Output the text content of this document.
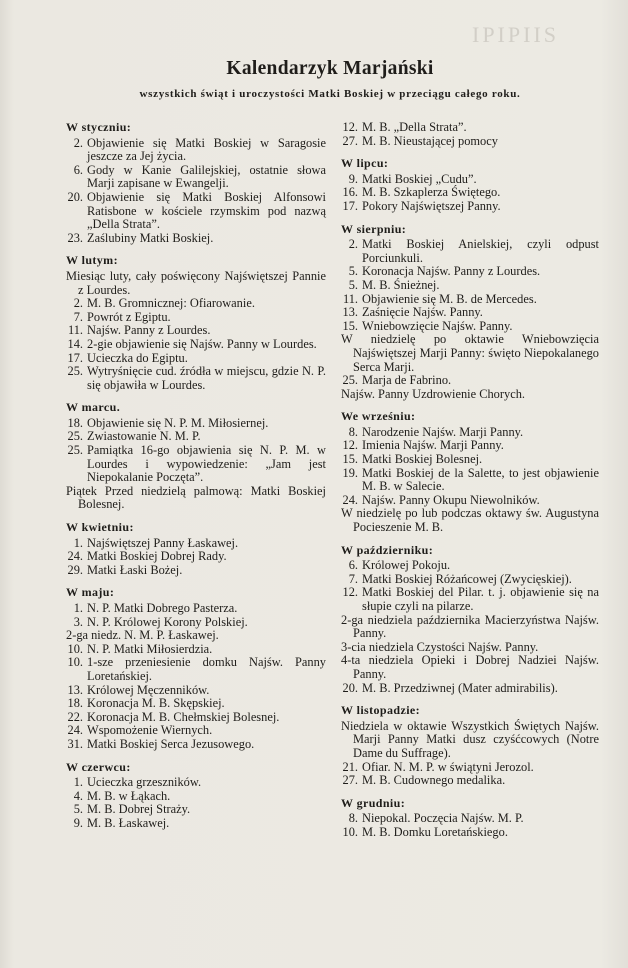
IPIPIIS
Kalendarzyk Marjański
wszystkich świąt i uroczystości Matki Boskiej w przeciągu całego roku.
W styczniu:
2. Objawienie się Matki Boskiej w Saragosie jeszcze za Jej życia.
6. Gody w Kanie Galilejskiej, ostatnie słowa Marji zapisane w Ewangelji.
20. Objawienie się Matki Boskiej Alfonsowi Ratisbone w kościele rzymskim pod nazwą „Della Strata”.
23. Zaślubiny Matki Boskiej.
W lutym:
Miesiąc luty, cały poświęcony Najświętszej Pannie z Lourdes.
2. M. B. Gromnicznej: Ofiarowanie.
7. Powrót z Egiptu.
11. Najśw. Panny z Lourdes.
14. 2-gie objawienie się Najśw. Panny w Lourdes.
17. Ucieczka do Egiptu.
25. Wytryśnięcie cud. źródła w miejscu, gdzie N. P. się objawiła w Lourdes.
W marcu.
18. Objawienie się N. P. M. Miłosiernej.
25. Zwiastowanie N. M. P.
25. Pamiątka 16-go objawienia się N. P. M. w Lourdes i wypowiedzenie: „Jam jest Niepokalanie Poczęta”.
Piątek Przed niedzielą palmową: Matki Boskiej Bolesnej.
W kwietniu:
1. Najświętszej Panny Łaskawej.
24. Matki Boskiej Dobrej Rady.
29. Matki Łaski Bożej.
W maju:
1. N. P. Matki Dobrego Pasterza.
3. N. P. Królowej Korony Polskiej.
2-ga niedz. N. M. P. Łaskawej.
10. N. P. Matki Miłosierdzia.
10. 1-sze przeniesienie domku Najśw. Panny Loretańskiej.
13. Królowej Męczenników.
18. Koronacja M. B. Skępskiej.
22. Koronacja M. B. Chełmskiej Bolesnej.
24. Wspomożenie Wiernych.
31. Matki Boskiej Serca Jezusowego.
W czerwcu:
1. Ucieczka grzeszników.
4. M. B. w Łąkach.
5. M. B. Dobrej Straży.
9. M. B. Łaskawej.
12. M. B. „Della Strata”.
27. M. B. Nieustającej pomocy
W lipcu:
9. Matki Boskiej „Cudu”.
16. M. B. Szkaplerza Świętego.
17. Pokory Najświętszej Panny.
W sierpniu:
2. Matki Boskiej Anielskiej, czyli odpust Porciunkuli.
5. Koronacja Najśw. Panny z Lourdes.
5. M. B. Śnieżnej.
11. Objawienie się M. B. de Mercedes.
13. Zaśnięcie Najśw. Panny.
15. Wniebowzięcie Najśw. Panny.
W niedzielę po oktawie Wniebowzięcia Najświętszej Marji Panny: święto Niepokalanego Serca Marji.
25. Marja de Fabrino.
Najśw. Panny Uzdrowienie Chorych.
We wrześniu:
8. Narodzenie Najśw. Marji Panny.
12. Imienia Najśw. Marji Panny.
15. Matki Boskiej Bolesnej.
19. Matki Boskiej de la Salette, to jest objawienie M. B. w Salecie.
24. Najśw. Panny Okupu Niewolników.
W niedzielę po lub podczas oktawy św. Augustyna Pocieszenie M. B.
W październiku:
6. Królowej Pokoju.
7. Matki Boskiej Różańcowej (Zwycięskiej).
12. Matki Boskiej del Pilar. t. j. objawienie się na słupie czyli na pilarze.
2-ga niedziela października Macierzyństwa Najśw. Panny.
3-cia niedziela Czystości Najśw. Panny.
4-ta niedziela Opieki i Dobrej Nadziei Najśw. Panny.
20. M. B. Przedziwnej (Mater admirabilis).
W listopadzie:
Niedziela w oktawie Wszystkich Świętych Najśw. Marji Panny Matki dusz czyśćcowych (Notre Dame du Suffrage).
21. Ofiar. N. M. P. w świątyni Jerozol.
27. M. B. Cudownego medalika.
W grudniu:
8. Niepokal. Poczęcia Najśw. M. P.
10. M. B. Domku Loretańskiego.
